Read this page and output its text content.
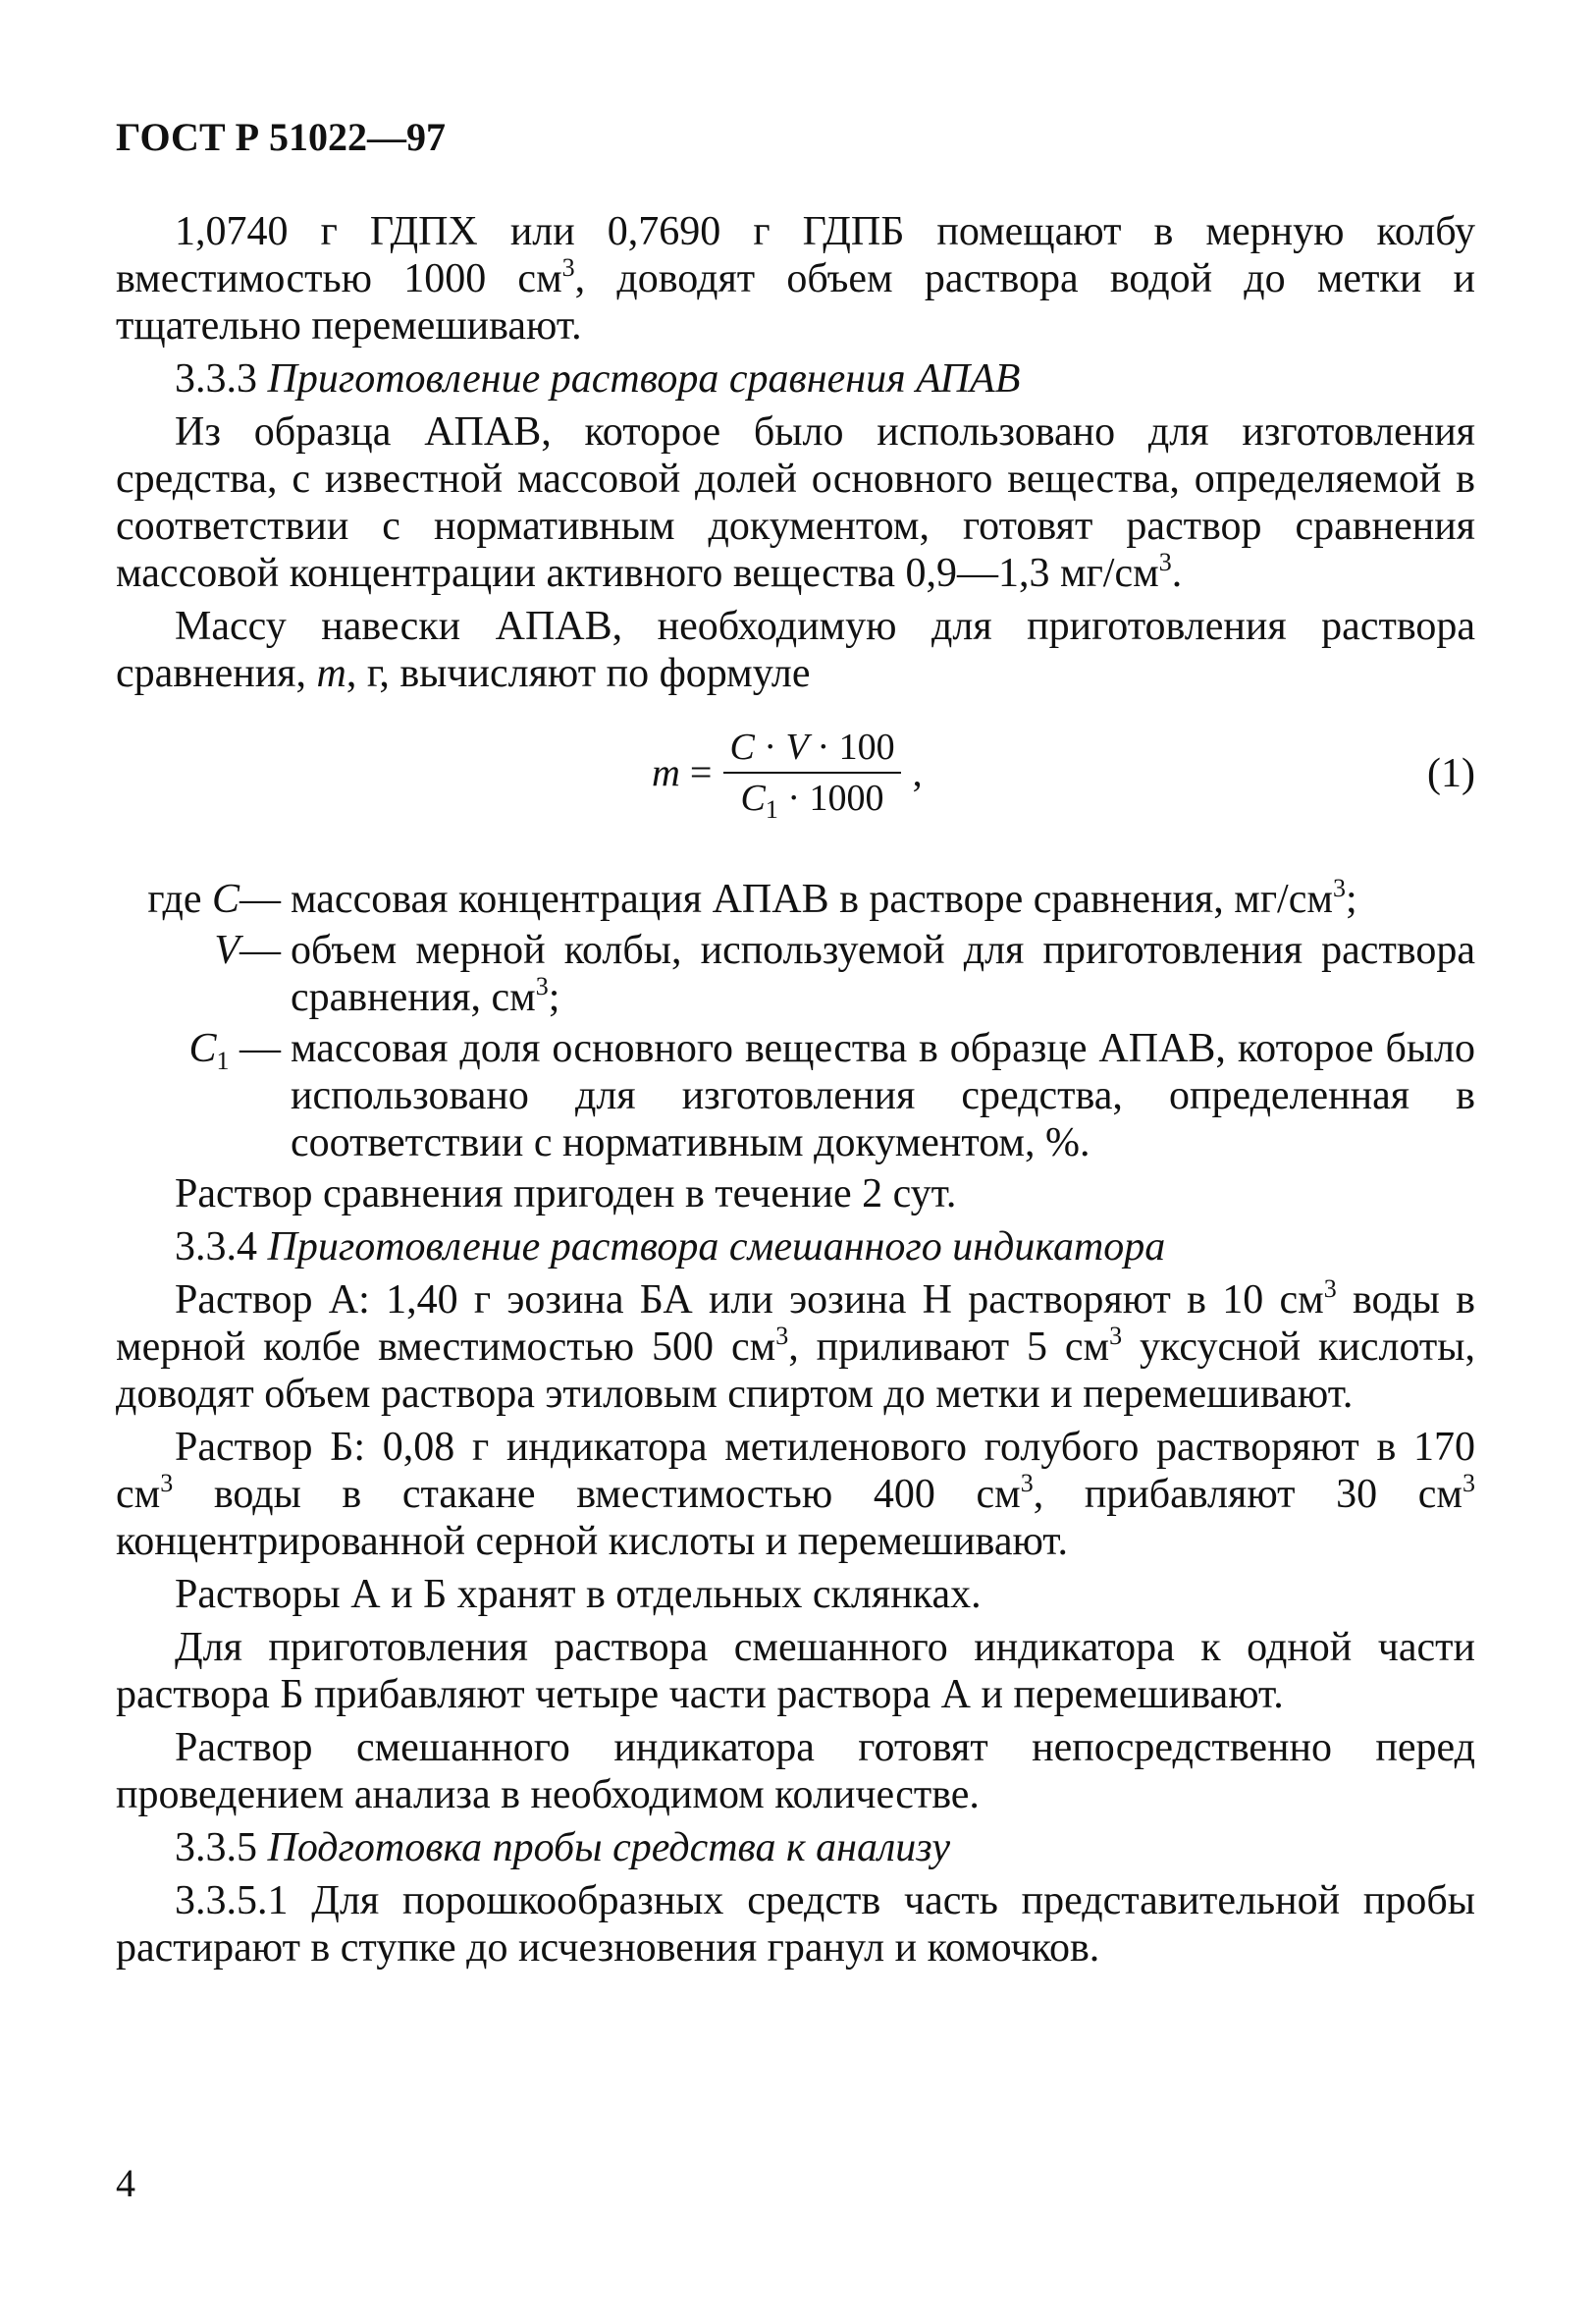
ГОСТ Р 51022—97

1,0740 г ГДПХ или 0,7690 г ГДПБ помещают в мерную колбу вместимостью 1000 $см^3$, доводят объем раствора водой до метки и тщательно перемешивают.

3.3.3 Приготовление раствора сравнения АПАВ

Из образца АПАВ, которое было использовано для изготовления средства, с известной массовой долей основного вещества, определяемой в соответствии с нормативным документом, готовят раствор сравнения массовой концентрации активного вещества 0,9—1,3 $мг/см^3$.

Массу навески АПАВ, необходимую для приготовления раствора сравнения, m, г, вычисляют по формуле

$m = \frac{C \cdot V \cdot 100}{C_1 \cdot 1000}$ ,	(1)
где C— массовая концентрация АПАВ в растворе сравнения, $мг/см^3$;
V— объем мерной колбы, используемой для приготовления раствора сравнения, $см^3$;
$C_1$ — массовая доля основного вещества в образце АПАВ, которое было использовано для изготовления средства, определенная в соответствии с нормативным документом, %.

Раствор сравнения пригоден в течение 2 сут.

3.3.4 Приготовление раствора смешанного индикатора

Раствор А: 1,40 г эозина БА или эозина Н растворяют в 10 $см^3$ воды в мерной колбе вместимостью 500 $см^3$, приливают 5 $см^3$ уксусной кислоты, доводят объем раствора этиловым спиртом до метки и перемешивают.

Раствор Б: 0,08 г индикатора метиленового голубого растворяют в 170 $см^3$ воды в стакане вместимостью 400 $см^3$, прибавляют 30 $см^3$ концентрированной серной кислоты и перемешивают.

Растворы А и Б хранят в отдельных склянках.

Для приготовления раствора смешанного индикатора к одной части раствора Б прибавляют четыре части раствора А и перемешивают.

Раствор смешанного индикатора готовят непосредственно перед проведением анализа в необходимом количестве.

3.3.5 Подготовка пробы средства к анализу

3.3.5.1 Для порошкообразных средств часть представительной пробы растирают в ступке до исчезновения гранул и комочков.

4
